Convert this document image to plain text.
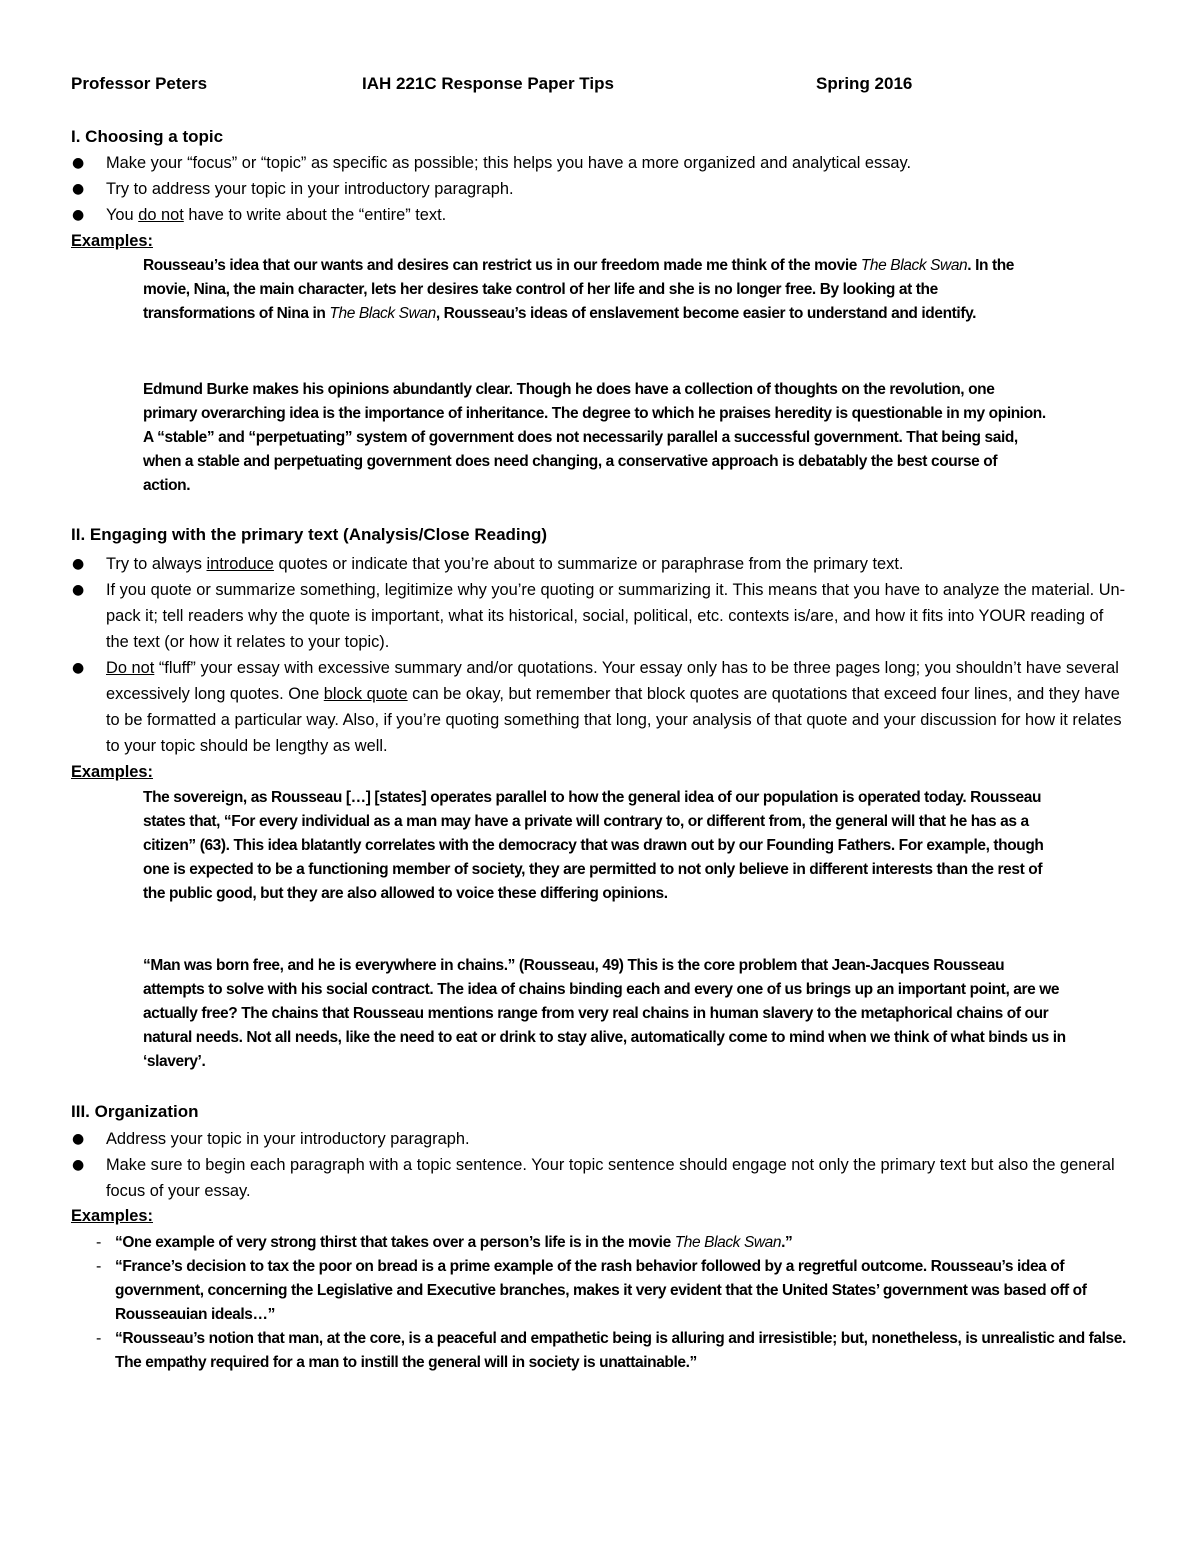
Professor Peters	IAH 221C Response Paper Tips	Spring 2016
I. Choosing a topic
● Make your “focus” or “topic” as specific as possible; this helps you have a more organized and analytical essay.
● Try to address your topic in your introductory paragraph.
● You do not have to write about the “entire” text.
Examples:
Rousseau’s idea that our wants and desires can restrict us in our freedom made me think of the movie The Black Swan. In the movie, Nina, the main character, lets her desires take control of her life and she is no longer free. By looking at the transformations of Nina in The Black Swan, Rousseau’s ideas of enslavement become easier to understand and identify.
Edmund Burke makes his opinions abundantly clear. Though he does have a collection of thoughts on the revolution, one primary overarching idea is the importance of inheritance. The degree to which he praises heredity is questionable in my opinion. A “stable” and “perpetuating” system of government does not necessarily parallel a successful government. That being said, when a stable and perpetuating government does need changing, a conservative approach is debatably the best course of action.
II. Engaging with the primary text (Analysis/Close Reading)
● Try to always introduce quotes or indicate that you’re about to summarize or paraphrase from the primary text.
● If you quote or summarize something, legitimize why you’re quoting or summarizing it. This means that you have to analyze the material. Un-pack it; tell readers why the quote is important, what its historical, social, political, etc. contexts is/are, and how it fits into YOUR reading of the text (or how it relates to your topic).
● Do not “fluff” your essay with excessive summary and/or quotations. Your essay only has to be three pages long; you shouldn’t have several excessively long quotes. One block quote can be okay, but remember that block quotes are quotations that exceed four lines, and they have to be formatted a particular way. Also, if you’re quoting something that long, your analysis of that quote and your discussion for how it relates to your topic should be lengthy as well.
Examples:
The sovereign, as Rousseau […] [states] operates parallel to how the general idea of our population is operated today. Rousseau states that, “For every individual as a man may have a private will contrary to, or different from, the general will that he has as a citizen” (63). This idea blatantly correlates with the democracy that was drawn out by our Founding Fathers. For example, though one is expected to be a functioning member of society, they are permitted to not only believe in different interests than the rest of the public good, but they are also allowed to voice these differing opinions.
“Man was born free, and he is everywhere in chains.” (Rousseau, 49) This is the core problem that Jean-Jacques Rousseau attempts to solve with his social contract. The idea of chains binding each and every one of us brings up an important point, are we actually free? The chains that Rousseau mentions range from very real chains in human slavery to the metaphorical chains of our natural needs. Not all needs, like the need to eat or drink to stay alive, automatically come to mind when we think of what binds us in ‘slavery’.
III. Organization
● Address your topic in your introductory paragraph.
● Make sure to begin each paragraph with a topic sentence. Your topic sentence should engage not only the primary text but also the general focus of your essay.
Examples:
- “One example of very strong thirst that takes over a person’s life is in the movie The Black Swan.”
- “France’s decision to tax the poor on bread is a prime example of the rash behavior followed by a regretful outcome. Rousseau’s idea of government, concerning the Legislative and Executive branches, makes it very evident that the United States’ government was based off of Rousseauian ideals…”
- “Rousseau’s notion that man, at the core, is a peaceful and empathetic being is alluring and irresistible; but, nonetheless, is unrealistic and false. The empathy required for a man to instill the general will in society is unattainable.”
